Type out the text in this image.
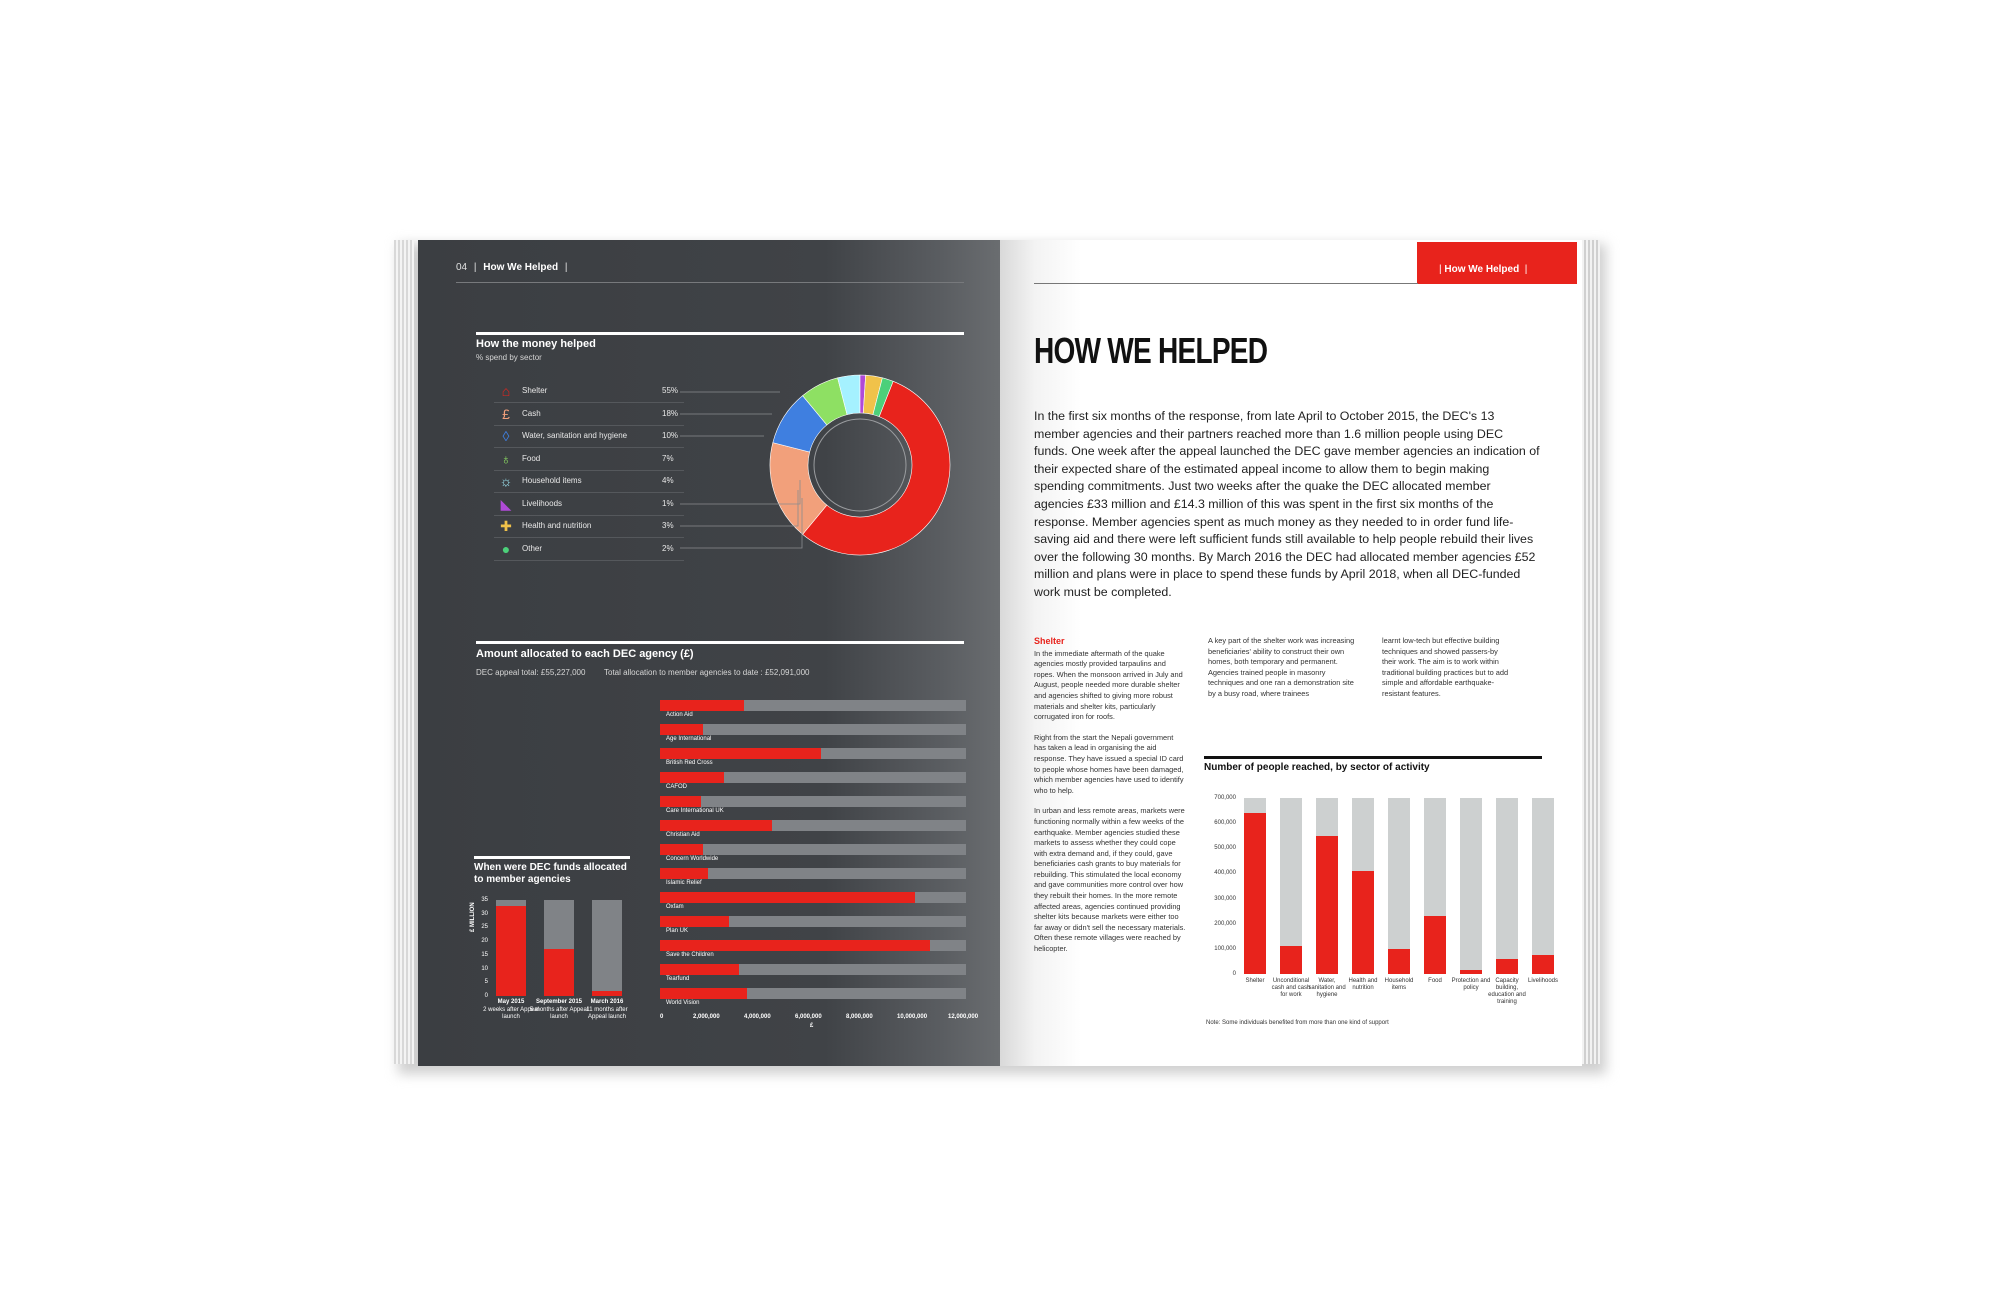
04 | How We Helped |
How the money helped
% spend by sector
⌂	Shelter	55%
£	Cash	18%
◊	Water, sanitation and hygiene	10%
♁	Food	7%
☼ Household items	4%
◣	Livelihoods	1%
✚ Health and nutrition	3%
●	Other	2%
Amount allocated to each DEC agency (£)
DEC appeal total: £55,227,000 Total allocation to member agencies to date : £52,091,000
Action Aid
Age International
British Red Cross
CAFOD
Care International UK
Christian Aid
Concern Worldwide
Islamic Relief
Oxfam
Plan UK
Save the Children
Tearfund
World Vision
0	2,000,000	4,000,000	6,000,000	8,000,000	10,000,000	12,000,000
£
When were DEC funds allocated to member agencies
£ MILLION
35
30
25
20
15
10
5
0
May 2015
2 weeks after Appeal launch
September 2015
5 months after Appeal launch
March 2016
11 months after Appeal launch
| How We Helped  |
05
HOW WE HELPED
In the first six months of the response, from late April to October 2015, the DEC's 13 member agencies and their partners reached more than 1.6 million people using DEC funds. One week after the appeal launched the DEC gave member agencies an indication of their expected share of the estimated appeal income to allow them to begin making spending commitments. Just two weeks after the quake the DEC allocated member agencies £33 million and £14.3 million of this was spent in the first six months of the response. Member agencies spent as much money as they needed to in order fund life-saving aid and there were left sufficient funds still available to help people rebuild their lives over the following 30 months. By March 2016 the DEC had allocated member agencies £52 million and plans were in place to spend these funds by April 2018, when all DEC-funded work must be completed.
Shelter

In the immediate aftermath of the quake agencies mostly provided tarpaulins and ropes. When the monsoon arrived in July and August, people needed more durable shelter and agencies shifted to giving more robust materials and shelter kits, particularly corrugated iron for roofs.

Right from the start the Nepali government has taken a lead in organising the aid response. They have issued a special ID card to people whose homes have been damaged, which member agencies have used to identify who to help.

In urban and less remote areas, markets were functioning normally within a few weeks of the earthquake. Member agencies studied these markets to assess whether they could cope with extra demand and, if they could, gave beneficiaries cash grants to buy materials for rebuilding. This stimulated the local economy and gave communities more control over how they rebuilt their homes. In the more remote affected areas, agencies continued providing shelter kits because markets were either too far away or didn't sell the necessary materials. Often these remote villages were reached by helicopter.

A key part of the shelter work was increasing beneficiaries' ability to construct their own homes, both temporary and permanent. Agencies trained people in masonry techniques and one ran a demonstration site by a busy road, where trainees

learnt low-tech but effective building techniques and showed passers-by their work. The aim is to work within traditional building practices but to add simple and affordable earthquake-resistant features.

Number of people reached, by sector of activity
700,000
600,000
500,000
400,000
300,000
200,000
100,000
0
Shelter	Unconditional cash and cash for work
Water, sanitation and hygiene
Health and nutrition
Household items
Food	Protection and policy
Capacity building, education and training
Livelihoods
Note: Some individuals benefited from more than one kind of support
